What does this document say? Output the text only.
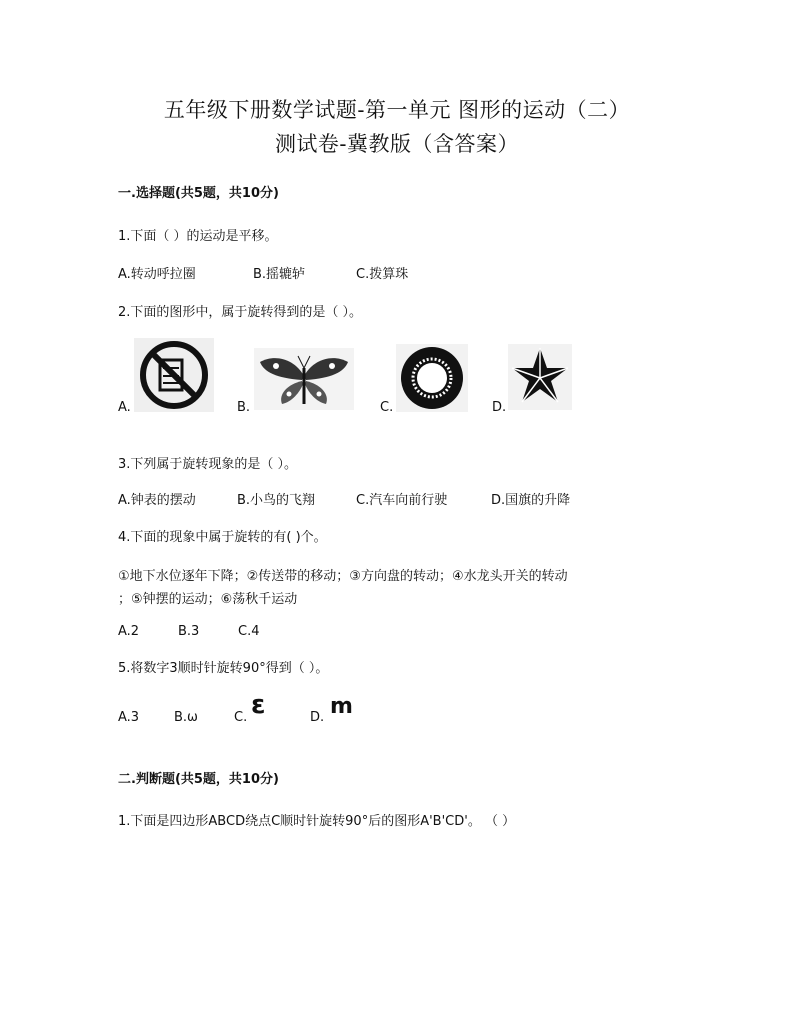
五年级下册数学试题-第一单元 图形的运动（二）
测试卷-冀教版（含答案）
一.选择题(共5题，共10分)
1.下面（ ）的运动是平移。
A.转动呼拉圈	B.摇辘轳	C.拨算珠
2.下面的图形中，属于旋转得到的是（ ）。
A.	B.	C.	D.
3.下列属于旋转现象的是（ ）。
A.钟表的摆动	B.小鸟的飞翔	C.汽车向前行驶	D.国旗的升降
4.下面的现象中属于旋转的有( )个。
①地下水位逐年下降；②传送带的移动；③方向盘的转动；④水龙头开关的转动
；⑤钟摆的运动；⑥荡秋千运动
A.2	B.3	C.4
5.将数字3顺时针旋转90°得到（ ）。
A.3	B.ω	C. ε	D. m
二.判断题(共5题，共10分)
1.下面是四边形ABCD绕点C顺时针旋转90°后的图形A'B'CD'。 （ ）
